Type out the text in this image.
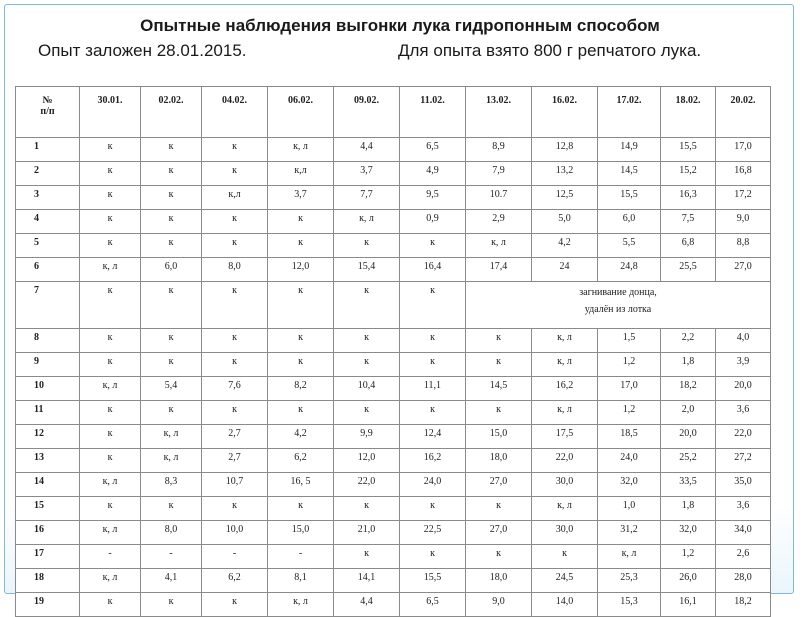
Опытные наблюдения выгонки лука гидропонным способом
Опыт заложен 28.01.2015.	Для опыта взято 800 г репчатого лука.
№
п/п	30.01.	02.02.	04.02.	06.02.	09.02.	11.02.	13.02.	16.02.	17.02.	18.02.	20.02.
1	к	к	к	к, л	4,4	6,5	8,9	12,8	14,9	15,5	17,0
2	к	к	к	к,л	3,7	4,9	7,9	13,2	14,5	15,2	16,8
3	к	к	к,л	3,7	7,7	9,5	10.7	12,5	15,5	16,3	17,2
4	к	к	к	к	к, л	0,9	2,9	5,0	6,0	7,5	9,0
5	к	к	к	к	к	к	к, л	4,2	5,5	6,8	8,8
6	к, л	6,0	8,0	12,0	15,4	16,4	17,4	24	24,8	25,5	27,0
7	к	к	к	к	к	к	загнивание донца,
удалён из лотка				

8	к	к	к	к	к	к	к	к, л	1,5	2,2	4,0
9	к	к	к	к	к	к	к	к, л	1,2	1,8	3,9
10	к, л	5,4	7,6	8,2	10,4	11,1	14,5	16,2	17,0	18,2	20,0
11	к	к	к	к	к	к	к	к, л	1,2	2,0	3,6
12	к	к, л	2,7	4,2	9,9	12,4	15,0	17,5	18,5	20,0	22,0
13	к	к, л	2,7	6,2	12,0	16,2	18,0	22,0	24,0	25,2	27,2
14	к, л	8,3	10,7	16, 5	22,0	24,0	27,0	30,0	32,0	33,5	35,0
15	к	к	к	к	к	к	к	к, л	1,0	1,8	3,6
16	к, л	8,0	10,0	15,0	21,0	22,5	27,0	30,0	31,2	32,0	34,0
17	-	-	-	-	к	к	к	к	к, л	1,2	2,6
18	к, л	4,1	6,2	8,1	14,1	15,5	18,0	24,5	25,3	26,0	28,0
19	к	к	к	к, л	4,4	6,5	9,0	14,0	15,3	16,1	18,2
